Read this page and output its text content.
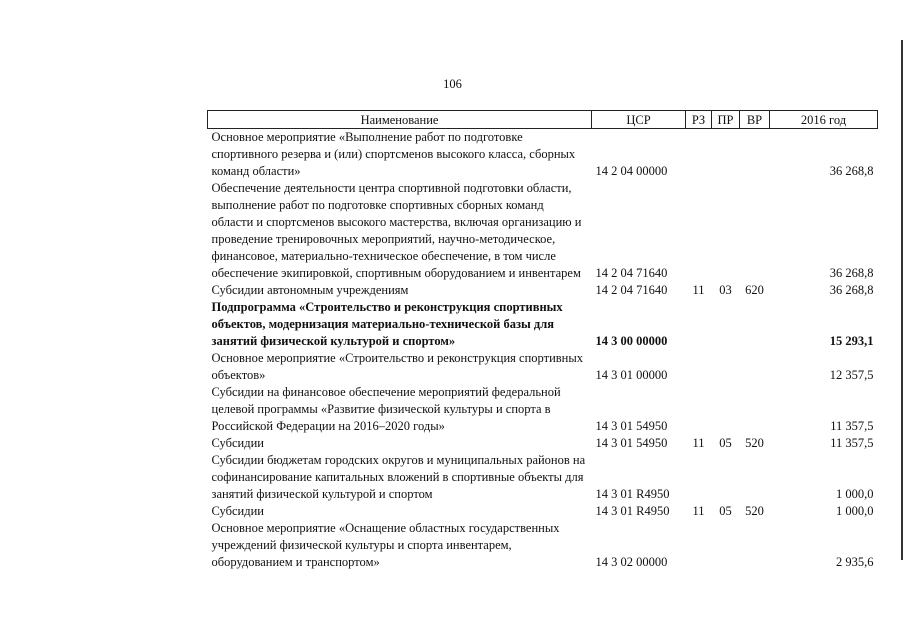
106
Наименование	ЦСР	РЗ	ПР	ВР	2016 год
Основное мероприятие «Выполнение работ по подготовке спортивного резерва и (или) спортсменов высокого класса, сборных команд области»	14 2 04 00000				36 268,8
Обеспечение деятельности центра спортивной подготовки области, выполнение работ по подготовке спортивных сборных команд области и спортсменов высокого мастерства, включая организацию и проведение тренировочных мероприятий, научно-методическое, финансовое, материально-техническое обеспечение, в том числе обеспечение экипировкой, спортивным оборудованием и инвентарем	14 2 04 71640				36 268,8
Субсидии автономным учреждениям	14 2 04 71640	11	03	620	36 268,8
Подпрограмма «Строительство и реконструкция спортивных объектов, модернизация материально-технической базы для занятий физической культурой и спортом»	14 3 00 00000				15 293,1
Основное мероприятие «Строительство и реконструкция спортивных объектов»	14 3 01 00000				12 357,5
Субсидии на финансовое обеспечение мероприятий федеральной целевой программы «Развитие физической культуры и спорта в Российской Федерации на 2016–2020 годы»	14 3 01 54950				11 357,5
Субсидии	14 3 01 54950	11	05	520	11 357,5
Субсидии бюджетам городских округов и муниципальных районов на софинансирование капитальных вложений в спортивные объекты для занятий физической культурой и спортом	14 3 01 R4950				1 000,0
Субсидии	14 3 01 R4950	11	05	520	1 000,0
Основное мероприятие «Оснащение областных государственных учреждений физической культуры и спорта инвентарем, оборудованием и транспортом»	14 3 02 00000				2 935,6
